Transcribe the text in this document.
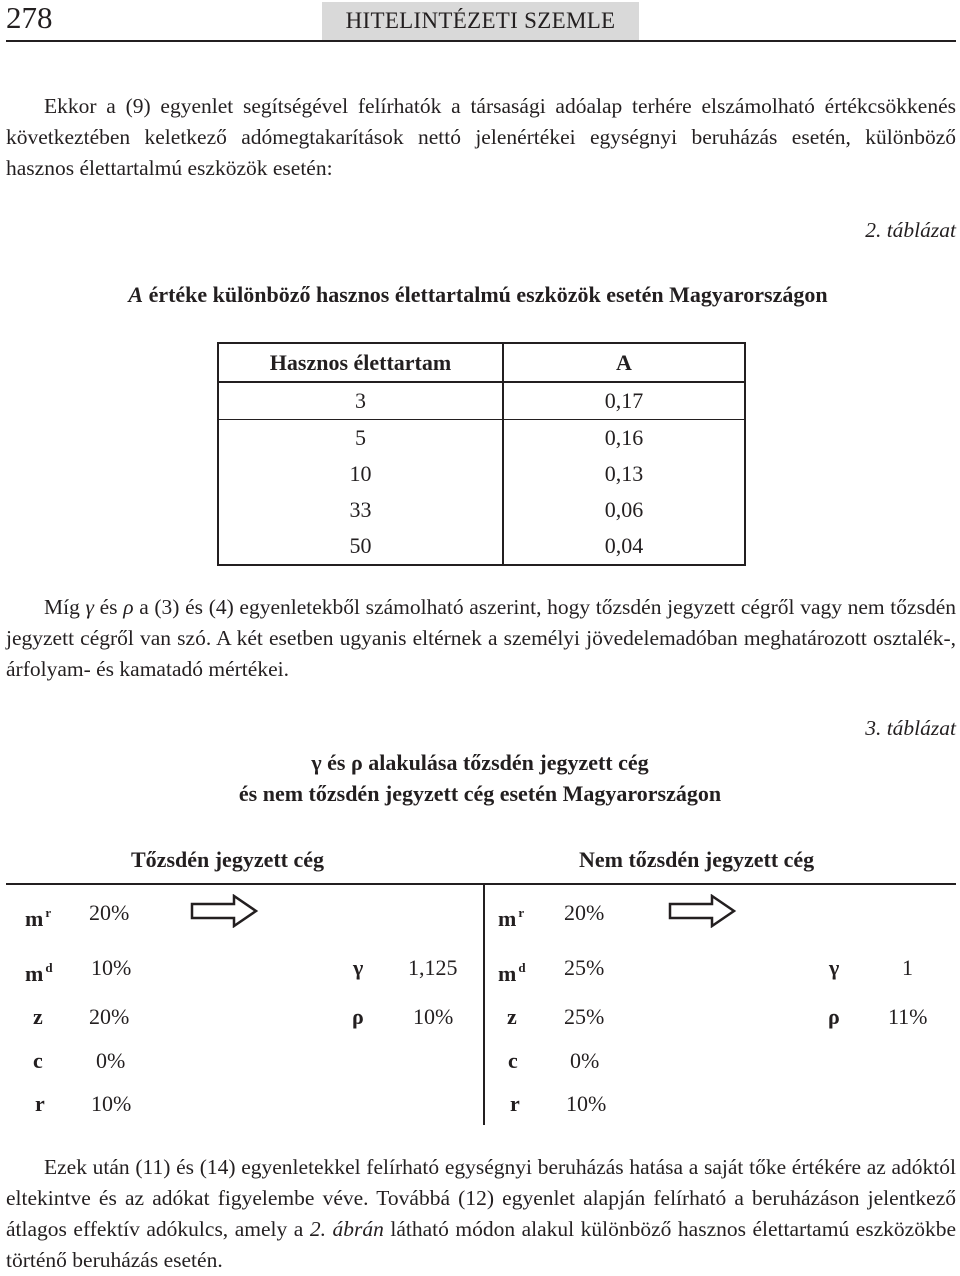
278	HITELINTÉZETI SZEMLE

Ekkor a (9) egyenlet segítségével felírhatók a társasági adóalap terhére elszámolható értékcsökkenés következtében keletkező adómegtakarítások nettó jelenértékei egységnyi beruházás esetén, különböző hasznos élettartalmú eszközök esetén:

2. táblázat
A értéke különböző hasznos élettartalmú eszközök esetén Magyarországon
Hasznos élettartam	A
3	0,17
5	0,16
10	0,13
33	0,06
50	0,04

Míg γ és ρ a (3) és (4) egyenletekből számolható aszerint, hogy tőzsdén jegyzett cégről vagy nem tőzsdén jegyzett cégről van szó. A két esetben ugyanis eltérnek a személyi jövedelemadóban meghatározott osztalék-, árfolyam- és kamatadó mértékei.

3. táblázat
γ és ρ alakulása tőzsdén jegyzett cég
és nem tőzsdén jegyzett cég esetén Magyarországon
Tőzsdén jegyzett cég	Nem tőzsdén jegyzett cég
m $^r$ 20%
m $^d$ 10%	γ 1,125
z 20%	ρ 10%
c 0%
r 10%
m $^r$ 20%
m $^d$ 25%	γ	1
z 25%	ρ 11%
c 0%
r 10%

Ezek után (11) és (14) egyenletekkel felírható egységnyi beruházás hatása a saját tőke értékére az adóktól eltekintve és az adókat figyelembe véve. Továbbá (12) egyenlet alapján felírható a beruházáson jelentkező átlagos effektív adókulcs, amely a 2. ábrán látható módon alakul különböző hasznos élettartamú eszközökbe történő beruházás esetén.
